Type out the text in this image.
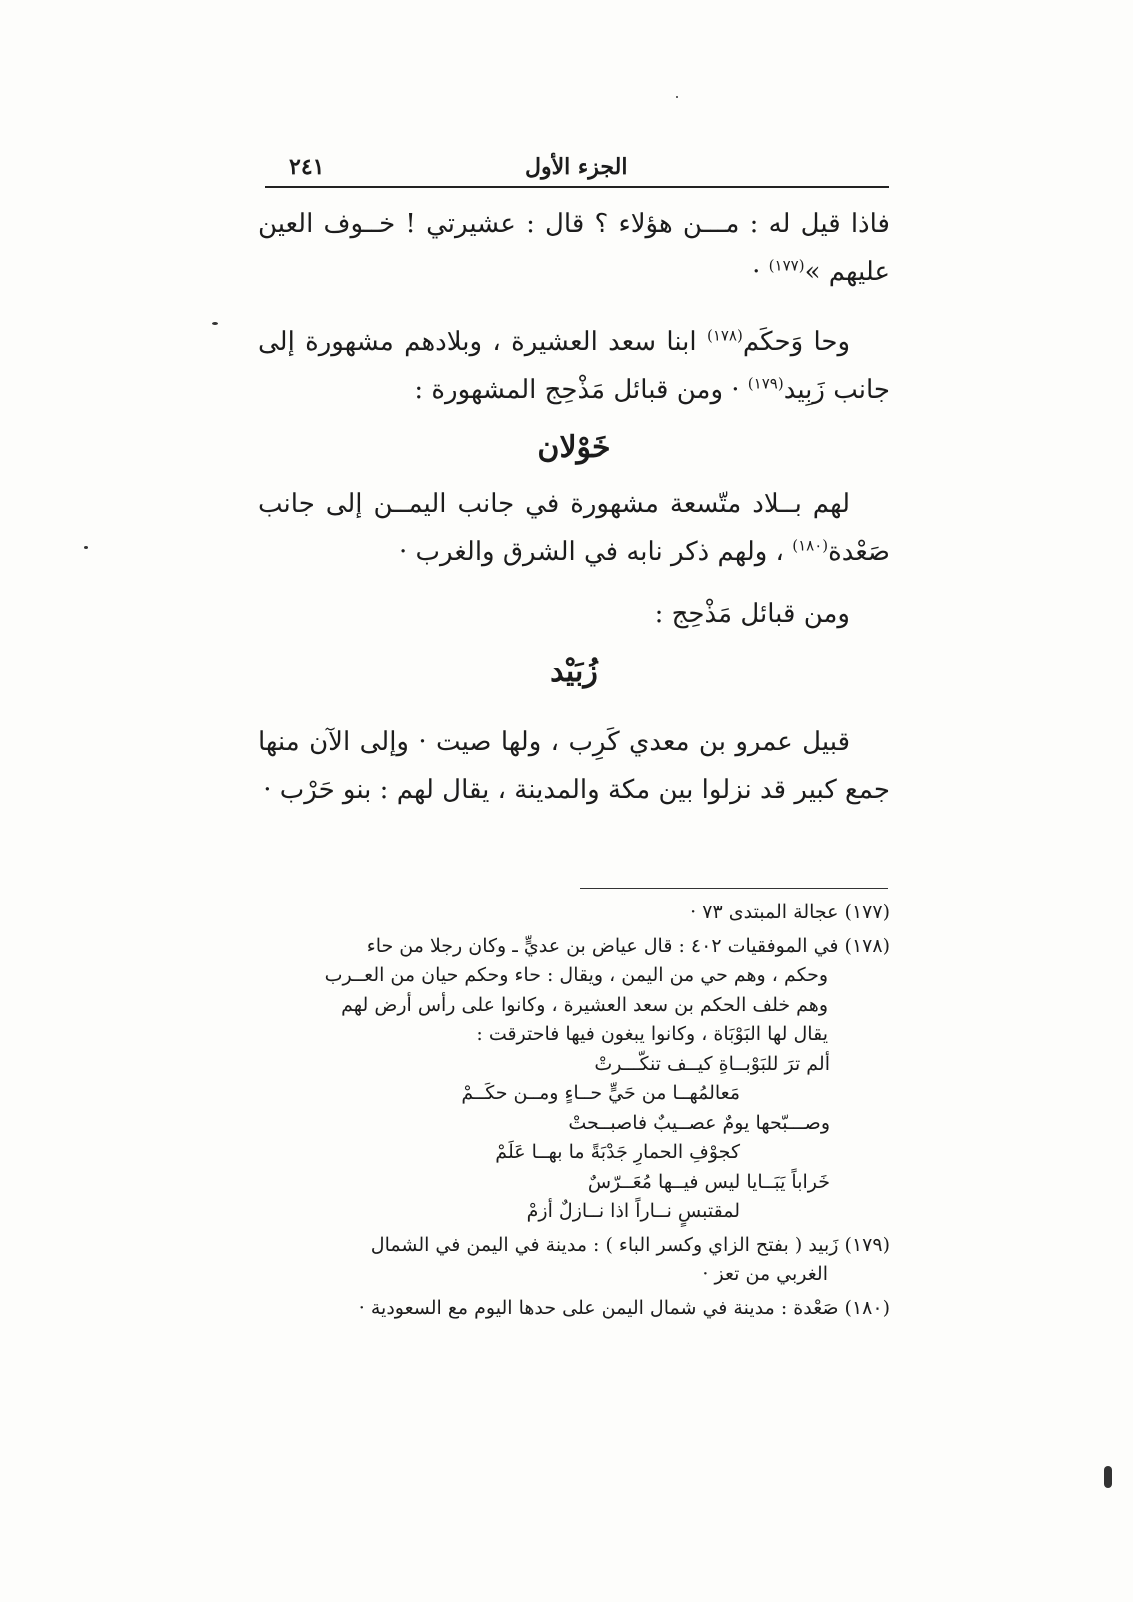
٢٤١	الجزء الأول

فاذا قيل له : مـــن هؤلاء ؟ قال : عشيرتي ! خــوف العين عليهم »$^{(١٧٧)}$ ·

وحا وَحكَم$^{(١٧٨)}$ ابنا سعد العشيرة ، وبلادهم مشهورة إلى جانب زَبِيد$^{(١٧٩)}$ · ومن قبائل مَذْحِج المشهورة :

خَوْلان

لهم بــلاد متّسعة مشهورة في جانب اليمــن إلى جانب صَعْدة$^{(١٨٠)}$ ، ولهم ذكر نابه في الشرق والغرب ·

ومن قبائل مَذْحِج :

زُبَيْد

قبيل عمرو بن معدي كَرِب ، ولها صيت · وإلى الآن منها جمع كبير قد نزلوا بين مكة والمدينة ، يقال لهم : بنو حَرْب ·

(١٧٧) عجالة المبتدى ٧٣ ·

(١٧٨) في الموفقيات ٤٠٢ : قال عياض بن عديٍّ ـ وكان رجلا من حاء

وحكم ، وهم حي من اليمن ، ويقال : حاء وحكم حيان من العــرب

وهم خلف الحكم بن سعد العشيرة ، وكانوا على رأس أرض لهم

يقال لها البَوْبَاة ، وكانوا يبغون فيها فاحترقت :

ألم ترَ للبَوْبــاةِ كيــف تنكّـــرتْ

مَعالمُهــا من حَيٍّ حــاءٍ ومــن حكَــمْ

وصـــبّحها يومٌ عصــيبٌ فاصبــحتْ

كجوْفِ الحمارِ جَدْبَةً ما بهــا عَلَمْ

خَراباً يَبَــايا ليس فيــها مُعَــرّسٌ

لمقتبسٍ نــاراً اذا نــازلٌ أزمْ

(١٧٩) زَبيد ( بفتح الزاي وكسر الباء ) : مدينة في اليمن في الشمال

الغربي من تعز ·

(١٨٠) صَعْدة : مدينة في شمال اليمن على حدها اليوم مع السعودية ·
